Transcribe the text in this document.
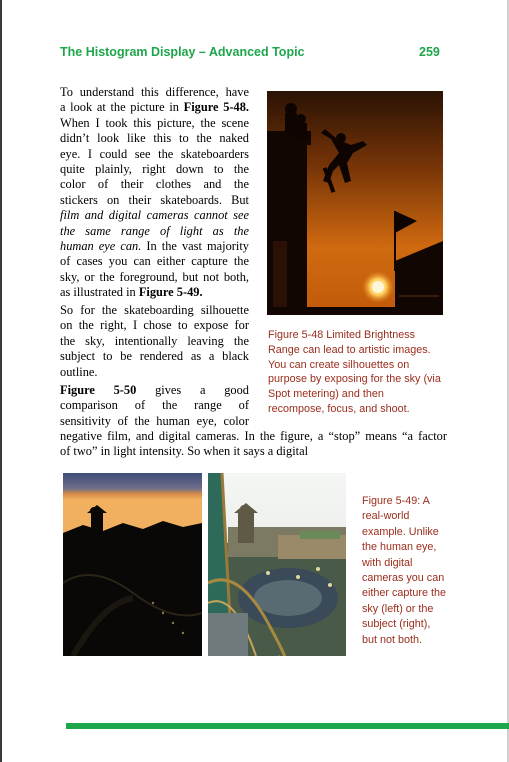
The Histogram Display – Advanced Topic	259
To understand this difference, have
a look at the picture in Figure 5-48.
When I took this picture, the scene
didn’t look like this to the naked
eye. I could see the skateboarders
quite plainly, right down to the
color of their clothes and the
stickers on their skateboards. But
film and digital cameras cannot see
the same range of light as the
human eye can. In the vast majority
of cases you can either capture the
sky, or the foreground, but not both,
as illustrated in Figure 5-49.
So for the skateboarding silhouette
on the right, I chose to expose for
the sky, intentionally leaving the
subject to be rendered as a black
outline.
Figure 5-50 gives a good
comparison of the range of
sensitivity of the human eye, color
negative film, and digital cameras. In the figure, a “stop” means “a factor
of two” in light intensity. So when it says a digital
Figure 5-48 Limited Brightness
Range can lead to artistic images.
You can create silhouettes on
purpose by exposing for the sky (via
Spot metering) and then
recompose, focus, and shoot.
Figure 5-49: A
real-world
example. Unlike
the human eye,
with digital
cameras you can
either capture the
sky (left) or the
subject (right),
but not both.
